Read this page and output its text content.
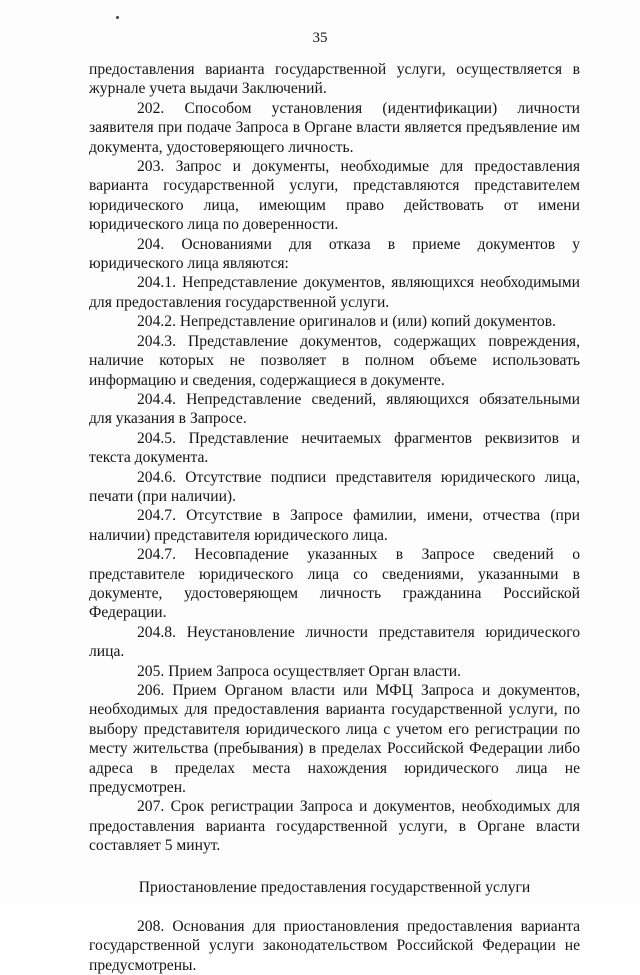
35

предоставления варианта государственной услуги, осуществляется в журнале учета выдачи Заключений.

202. Способом установления (идентификации) личности заявителя при подаче Запроса в Органе власти является предъявление им документа, удостоверяющего личность.

203. Запрос и документы, необходимые для предоставления варианта государственной услуги, представляются представителем юридического лица, имеющим право действовать от имени юридического лица по доверенности.

204. Основаниями для отказа в приеме документов у юридического лица являются:

204.1. Непредставление документов, являющихся необходимыми для предоставления государственной услуги.

204.2. Непредставление оригиналов и (или) копий документов.

204.3. Представление документов, содержащих повреждения, наличие которых не позволяет в полном объеме использовать информацию и сведения, содержащиеся в документе.

204.4. Непредставление сведений, являющихся обязательными для указания в Запросе.

204.5. Представление нечитаемых фрагментов реквизитов и текста документа.

204.6. Отсутствие подписи представителя юридического лица, печати (при наличии).

204.7. Отсутствие в Запросе фамилии, имени, отчества (при наличии) представителя юридического лица.

204.7. Несовпадение указанных в Запросе сведений о представителе юридического лица со сведениями, указанными в документе, удостоверяющем личность гражданина Российской Федерации.

204.8. Неустановление личности представителя юридического лица.

205. Прием Запроса осуществляет Орган власти.

206. Прием Органом власти или МФЦ Запроса и документов, необходимых для предоставления варианта государственной услуги, по выбору представителя юридического лица с учетом его регистрации по месту жительства (пребывания) в пределах Российской Федерации либо адреса в пределах места нахождения юридического лица не предусмотрен.

207. Срок регистрации Запроса и документов, необходимых для предоставления варианта государственной услуги, в Органе власти составляет 5 минут.

Приостановление предоставления государственной услуги

208. Основания для приостановления предоставления варианта государственной услуги законодательством Российской Федерации не предусмотрены.
